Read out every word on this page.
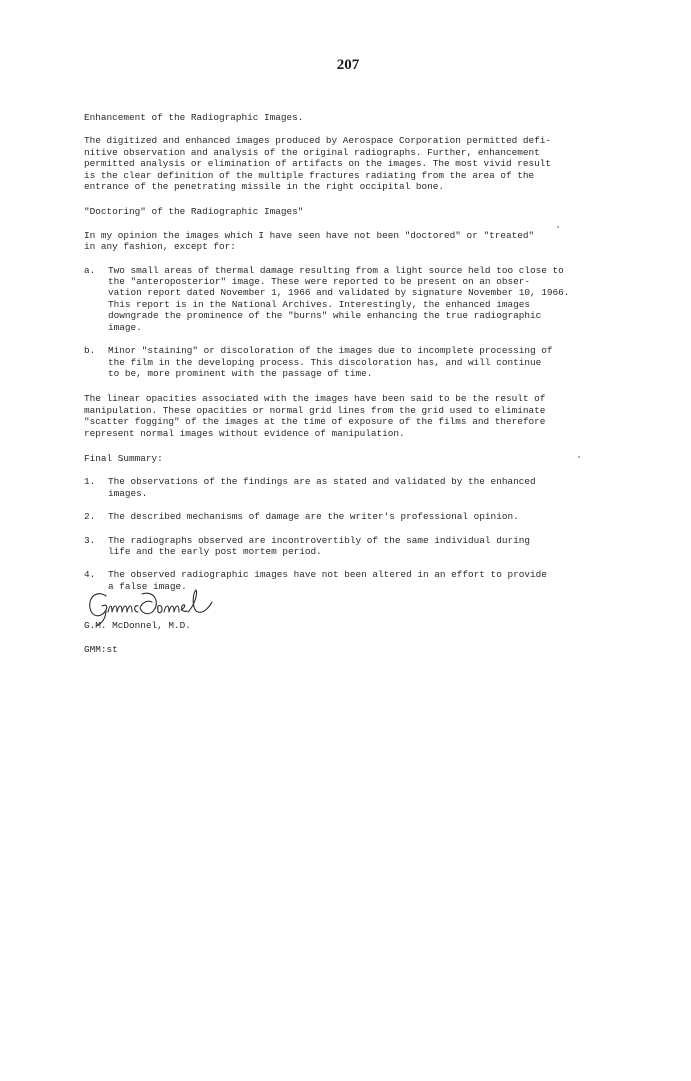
207
Enhancement of the Radiographic Images.
The digitized and enhanced images produced by Aerospace Corporation permitted defi-
nitive observation and analysis of the original radiographs. Further, enhancement
permitted analysis or elimination of artifacts on the images. The most vivid result
is the clear definition of the multiple fractures radiating from the area of the
entrance of the penetrating missile in the right occipital bone.
"Doctoring" of the Radiographic Images"
In my opinion the images which I have seen have not been "doctored" or "treated"
in any fashion, except for:
a.	Two small areas of thermal damage resulting from a light source held too close to
the "anteroposterior" image. These were reported to be present on an obser-
vation report dated November 1, 1966 and validated by signature November 10, 1966.
This report is in the National Archives. Interestingly, the enhanced images
downgrade the prominence of the "burns" while enhancing the true radiographic
image.
b.	Minor "staining" or discoloration of the images due to incomplete processing of
the film in the developing process. This discoloration has, and will continue
to be, more prominent with the passage of time.
The linear opacities associated with the images have been said to be the result of
manipulation. These opacities or normal grid lines from the grid used to eliminate
"scatter fogging" of the images at the time of exposure of the films and therefore
represent normal images without evidence of manipulation.
Final Summary:
1.	The observations of the findings are as stated and validated by the enhanced
images.
2.	The described mechanisms of damage are the writer's professional opinion.
3.	The radiographs observed are incontrovertibly of the same individual during
life and the early post mortem period.
4.	The observed radiographic images have not been altered in an effort to provide
a false image.
G.M. McDonnel, M.D.
GMM:st
